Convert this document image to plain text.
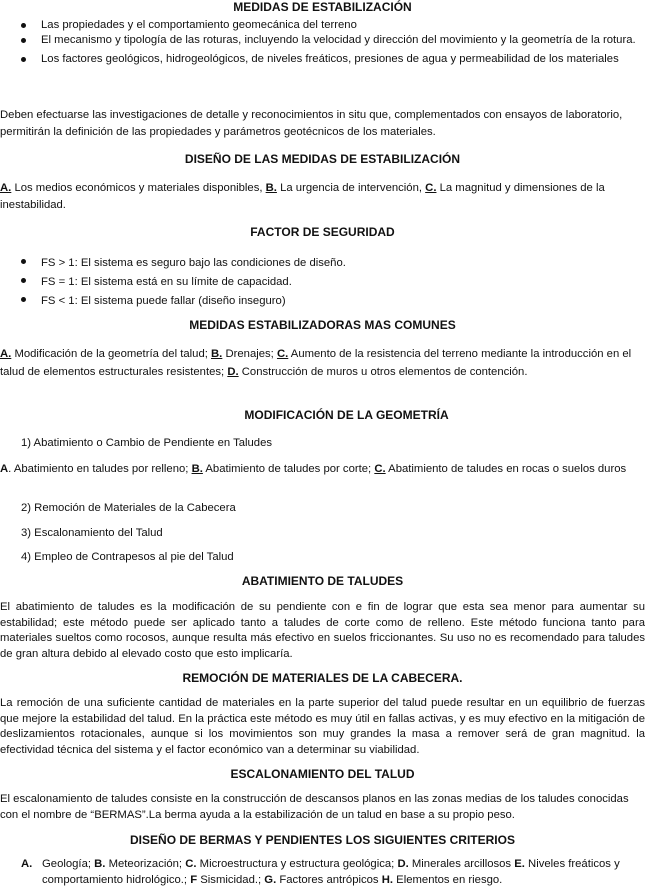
MEDIDAS DE ESTABILIZACIÓN
Las propiedades y el comportamiento geomecánica del terreno
El mecanismo y tipología de las roturas, incluyendo la velocidad y dirección del movimiento y la geometría de la rotura.
Los factores geológicos, hidrogeológicos, de niveles freáticos, presiones de agua y permeabilidad de los materiales

Deben efectuarse las investigaciones de detalle y reconocimientos in situ que, complementados con ensayos de laboratorio, permitirán la definición de las propiedades y parámetros geotécnicos de los materiales.

DISEÑO DE LAS MEDIDAS DE ESTABILIZACIÓN

A. Los medios económicos y materiales disponibles, B. La urgencia de intervención, C. La magnitud y dimensiones de la inestabilidad.

FACTOR DE SEGURIDAD
FS > 1: El sistema es seguro bajo las condiciones de diseño.
FS = 1: El sistema está en su límite de capacidad.
FS < 1: El sistema puede fallar (diseño inseguro)
MEDIDAS ESTABILIZADORAS MAS COMUNES

A. Modificación de la geometría del talud; B. Drenajes; C. Aumento de la resistencia del terreno mediante la introducción en el talud de elementos estructurales resistentes; D. Construcción de muros u otros elementos de contención.

MODIFICACIÓN DE LA GEOMETRÍA

1) Abatimiento o Cambio de Pendiente en Taludes

A. Abatimiento en taludes por relleno; B. Abatimiento de taludes por corte; C. Abatimiento de taludes en rocas o suelos duros

2) Remoción de Materiales de la Cabecera

3) Escalonamiento del Talud

4) Empleo de Contrapesos al pie del Talud

ABATIMIENTO DE TALUDES

El abatimiento de taludes es la modificación de su pendiente con e fin de lograr que esta sea menor para aumentar su estabilidad; este método puede ser aplicado tanto a taludes de corte como de relleno. Este método funciona tanto para materiales sueltos como rocosos, aunque resulta más efectivo en suelos friccionantes. Su uso no es recomendado para taludes de gran altura debido al elevado costo que esto implicaría.

REMOCIÓN DE MATERIALES DE LA CABECERA.

La remoción de una suficiente cantidad de materiales en la parte superior del talud puede resultar en un equilibrio de fuerzas que mejore la estabilidad del talud. En la práctica este método es muy útil en fallas activas, y es muy efectivo en la mitigación de deslizamientos rotacionales, aunque si los movimientos son muy grandes la masa a remover será de gran magnitud. la efectividad técnica del sistema y el factor económico van a determinar su viabilidad.

ESCALONAMIENTO DEL TALUD

El escalonamiento de taludes consiste en la construcción de descansos planos en las zonas medias de los taludes conocidas con el nombre de “BERMAS”.La berma ayuda a la estabilización de un talud en base a su propio peso.

DISEÑO DE BERMAS Y PENDIENTES LOS SIGUIENTES CRITERIOS
A. Geología; B. Meteorización; C. Microestructura y estructura geológica; D. Minerales arcillosos E. Niveles freáticos y comportamiento hidrológico.; F Sismicidad.; G. Factores antrópicos H. Elementos en riesgo.
